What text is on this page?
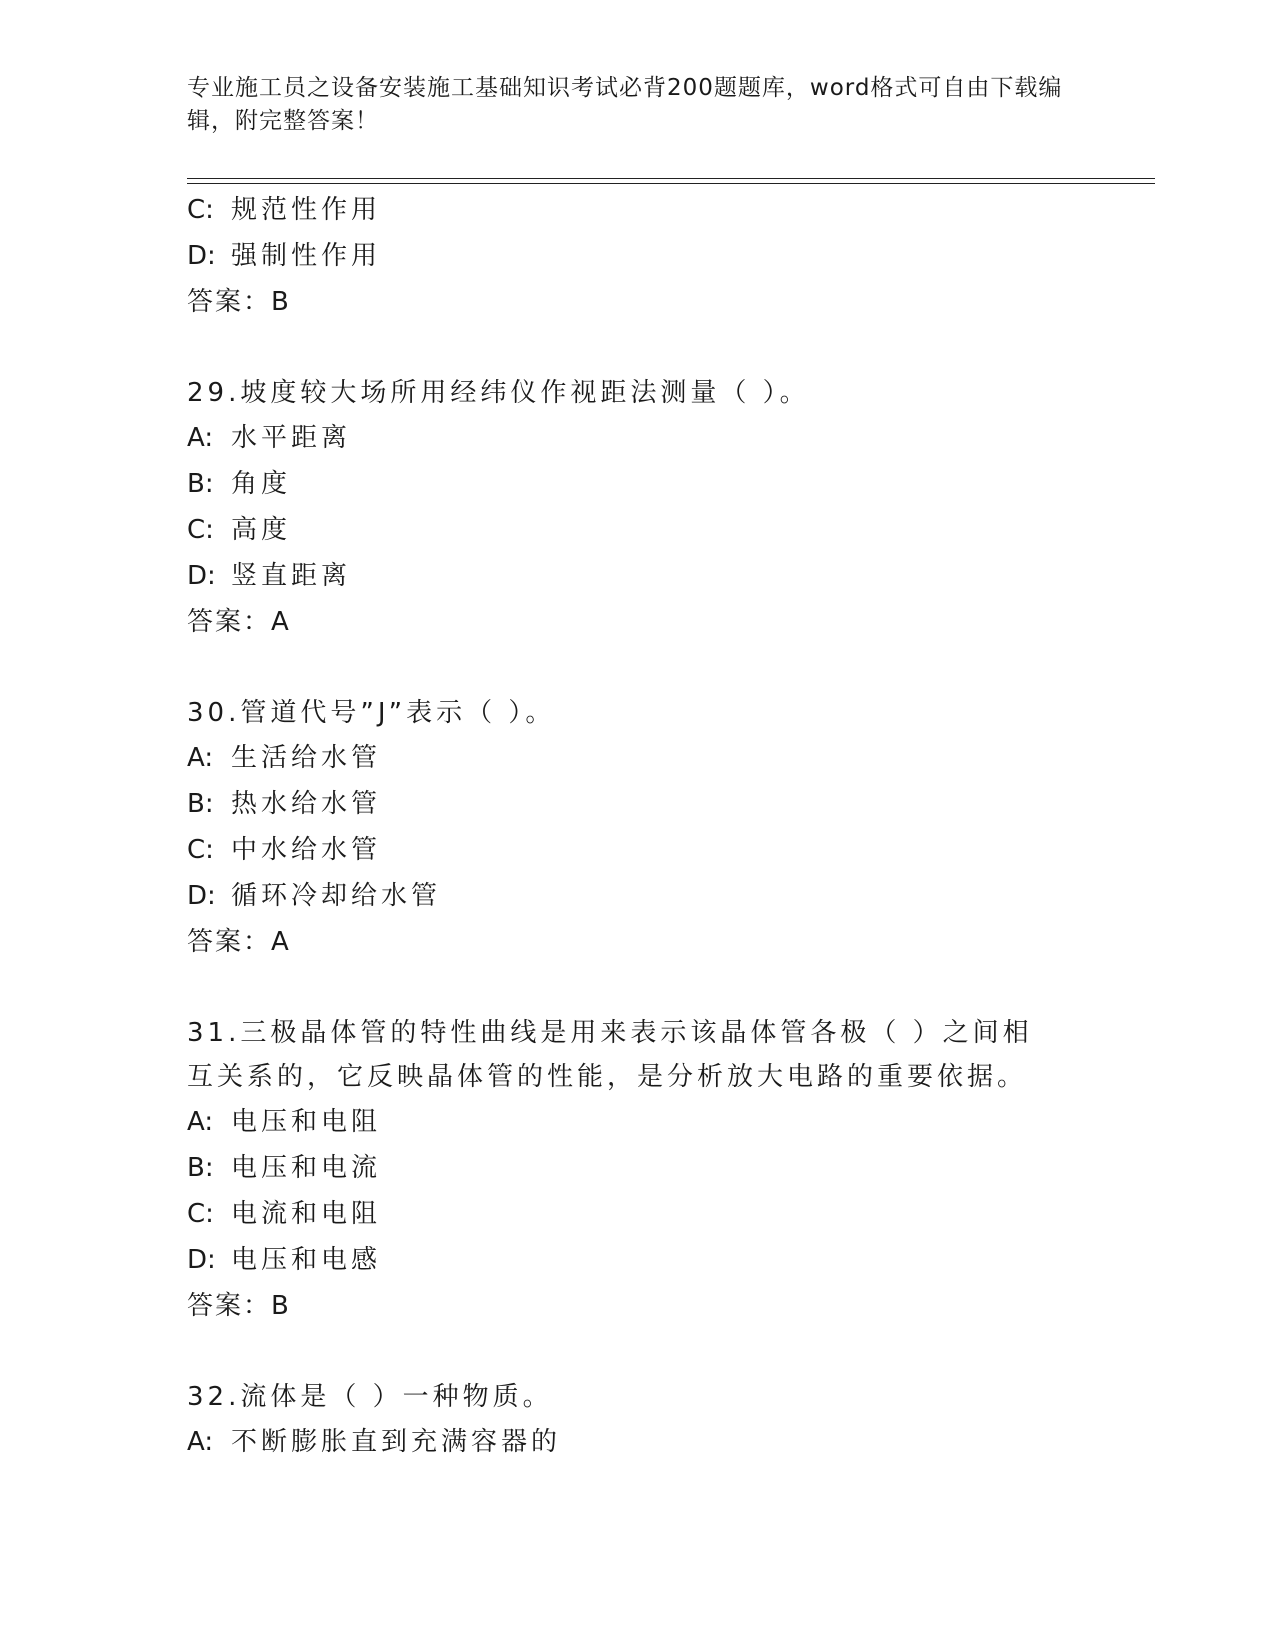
专业施工员之设备安装施工基础知识考试必背200题题库，word格式可自由下载编辑，附完整答案！
C: 规范性作用
D: 强制性作用
答案：B
29.坡度较大场所用经纬仪作视距法测量（ ）。
A: 水平距离
B: 角度
C: 高度
D: 竖直距离
答案：A
30.管道代号”J”表示（ ）。
A: 生活给水管
B: 热水给水管
C: 中水给水管
D: 循环冷却给水管
答案：A
31.三极晶体管的特性曲线是用来表示该晶体管各极（ ）之间相互关系的，它反映晶体管的性能，是分析放大电路的重要依据。
A: 电压和电阻
B: 电压和电流
C: 电流和电阻
D: 电压和电感
答案：B
32.流体是（ ）一种物质。
A: 不断膨胀直到充满容器的
